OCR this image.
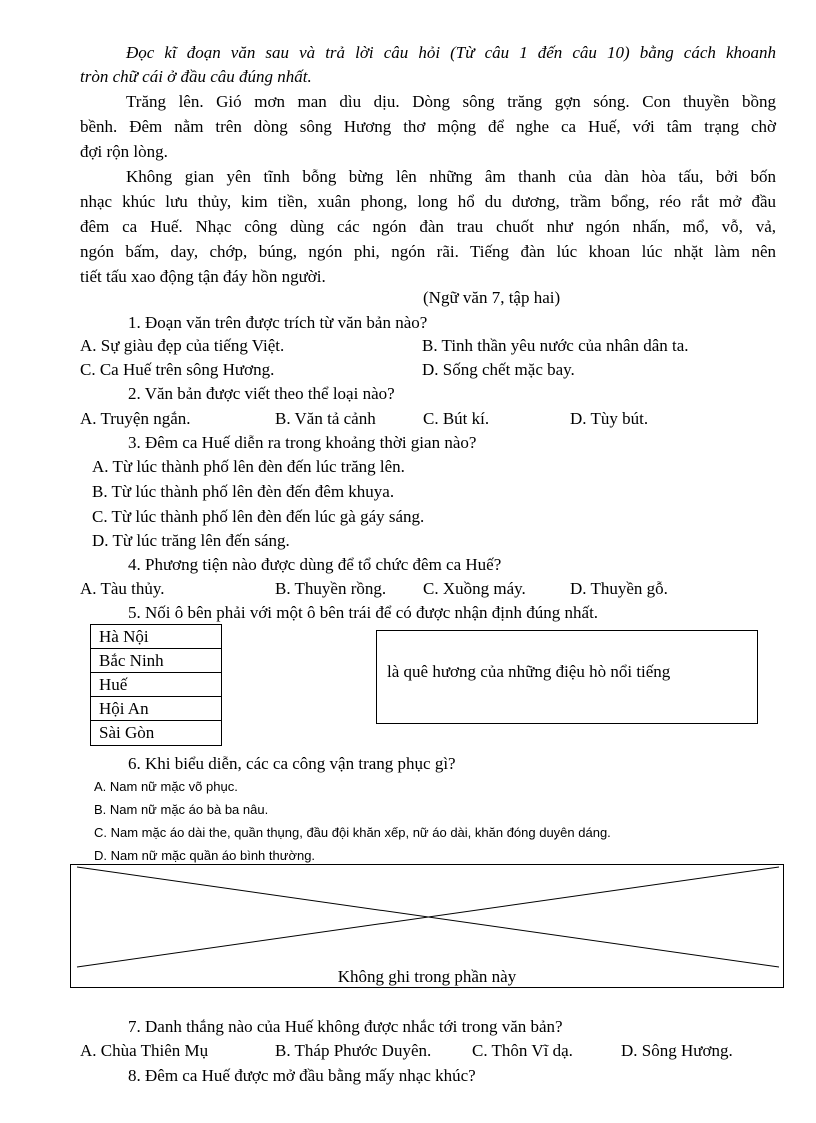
Đọc kĩ đoạn văn sau và trả lời câu hỏi (Từ câu 1 đến câu 10) bằng cách khoanh
tròn chữ cái ở đầu câu đúng nhất.
Trăng lên. Gió mơn man dìu dịu. Dòng sông trăng gợn sóng. Con thuyền bồng
bềnh. Đêm nằm trên dòng sông Hương thơ mộng để nghe ca Huế, với tâm trạng chờ
đợi rộn lòng.
Không gian yên tĩnh bỗng bừng lên những âm thanh của dàn hòa tấu, bởi bốn
nhạc khúc lưu thủy, kim tiền, xuân phong, long hổ du dương, trầm bổng, réo rắt mở đầu
đêm ca Huế. Nhạc công dùng các ngón đàn trau chuốt như ngón nhấn, mổ, vỗ, vả,
ngón bấm, day, chớp, búng, ngón phi, ngón rãi. Tiếng đàn lúc khoan lúc nhặt làm nên
tiết tấu xao động tận đáy hồn người.
(Ngữ văn 7, tập hai)
1. Đoạn văn trên được trích từ văn bản nào?
A. Sự giàu đẹp của tiếng Việt.	B. Tinh thần yêu nước của nhân dân ta.
C. Ca Huế trên sông Hương.	D. Sống chết mặc bay.
2. Văn bản được viết theo thể loại nào?
A. Truyện ngắn.	B. Văn tả cảnh	C. Bút kí.	D. Tùy bút.
3. Đêm ca Huế diễn ra trong khoảng thời gian nào?
A. Từ lúc thành phố lên đèn đến lúc trăng lên.
B. Từ lúc thành phố lên đèn đến đêm khuya.
C. Từ lúc thành phố lên đèn đến lúc gà gáy sáng.
D. Từ lúc trăng lên đến sáng.
4. Phương tiện nào được dùng để tổ chức đêm ca Huế?
A. Tàu thủy.	B. Thuyền rồng. C. Xuồng máy.	D. Thuyền gỗ.
5. Nối ô bên phải với một ô bên trái để có được nhận định đúng nhất.
Hà Nội
Bắc Ninh
Huế
Hội An
Sài Gòn
là quê hương của những điệu hò nổi tiếng
6. Khi biểu diễn, các ca công vận trang phục gì?
A. Nam nữ mặc võ phục.
B. Nam nữ mặc áo bà ba nâu.
C. Nam mặc áo dài the, quần thụng, đầu đội khăn xếp, nữ áo dài, khăn đóng duyên dáng.
D. Nam nữ mặc quần áo bình thường.
Không ghi trong phần này
7. Danh thắng nào của Huế không được nhắc tới trong văn bản?
A. Chùa Thiên Mụ	B. Tháp Phước Duyên. C. Thôn Vĩ dạ.	D. Sông Hương.
8. Đêm ca Huế được mở đầu bằng mấy nhạc khúc?
